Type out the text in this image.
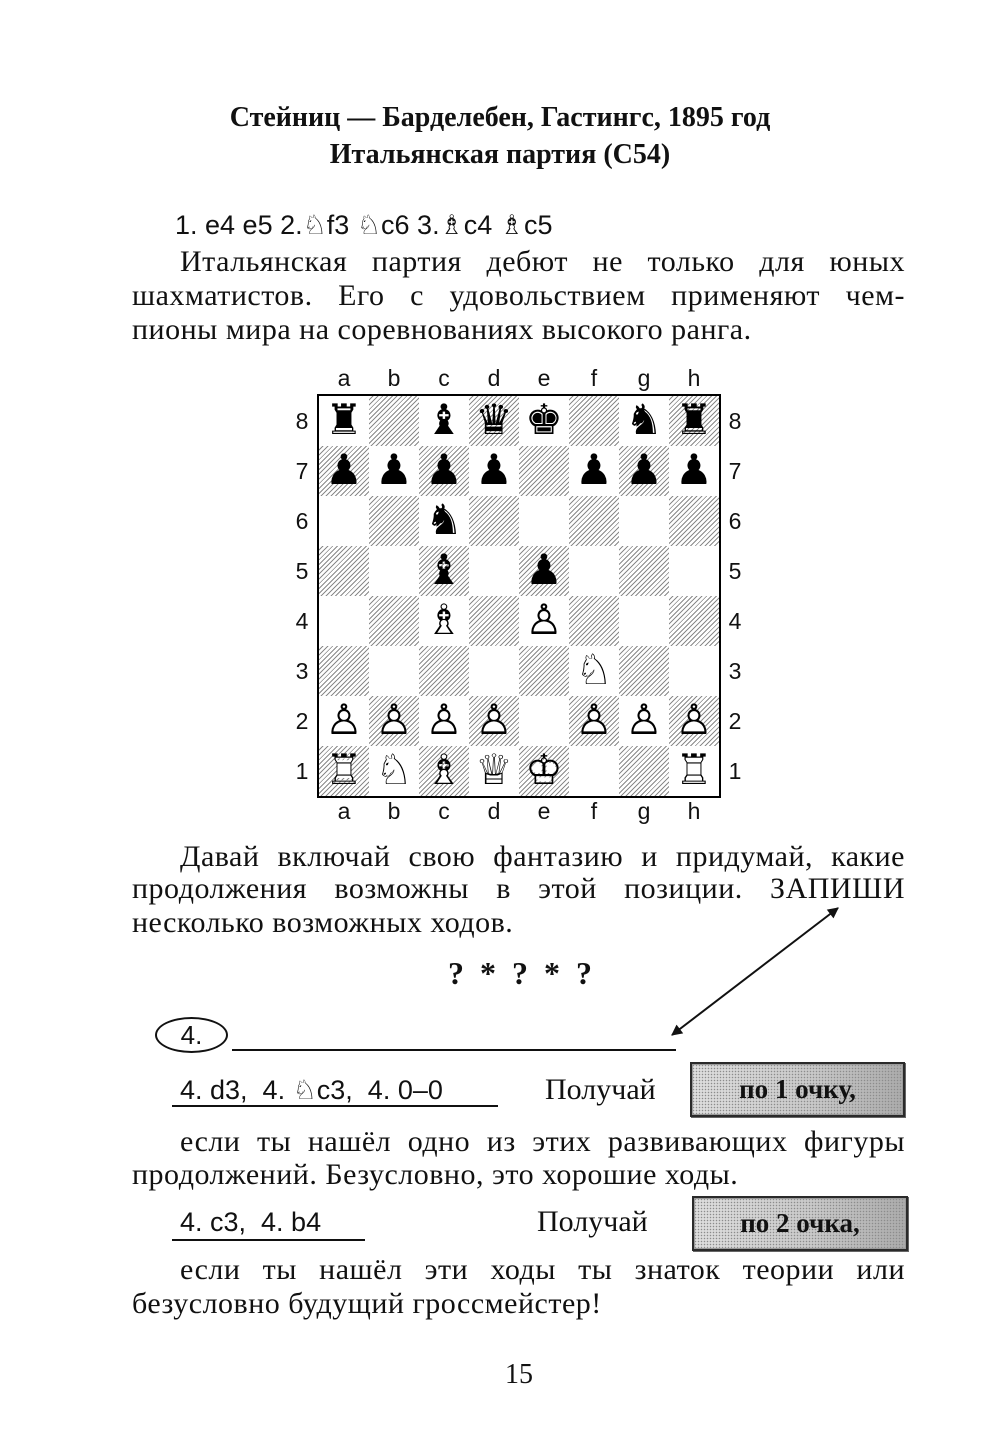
Стейниц — Барделебен, Гастингс, 1895 год
Итальянская партия (C54)
1. e4 e5 2.♘f3 ♘c6 3.♗c4 ♗c5
Итальянская партия дебют не только для юных
шахматистов. Его с удовольствием применяют чем-
пионы мира на соревнованиях высокого ранга.
a	b	c	d	e	f	g	h
a	b	c	d	e	f	g	h
8
7
6
5
4
3
2
1
8
7
6
5
4
3
2
1
♜ ♝ ♛ ♚ ♞ ♜
♟ ♟ ♟ ♟ ♟ ♟ ♟
♞
♝ ♟
♝ ♗ ♟ ♙
♞ ♘
♟ ♙ ♟ ♙ ♟ ♙ ♟ ♙ ♟ ♙ ♟ ♙ ♟ ♙
♜ ♖ ♞ ♘ ♝ ♗ ♛ ♕ ♚ ♔	♜ ♖
Давай включай свою фантазию и придумай, какие
продолжения возможны в этой позиции. ЗАПИШИ
несколько возможных ходов.
? * ? * ?
4.
4. d3,  4. ♘c3,  4. 0–0	Получай	по 1 очку,
если ты нашёл одно из этих развивающих фигуры
продолжений. Безусловно, это хорошие ходы.
4. c3,  4. b4	Получай	по 2 очка,
если ты нашёл эти ходы ты знаток теории или
безусловно будущий гроссмейстер!
15
